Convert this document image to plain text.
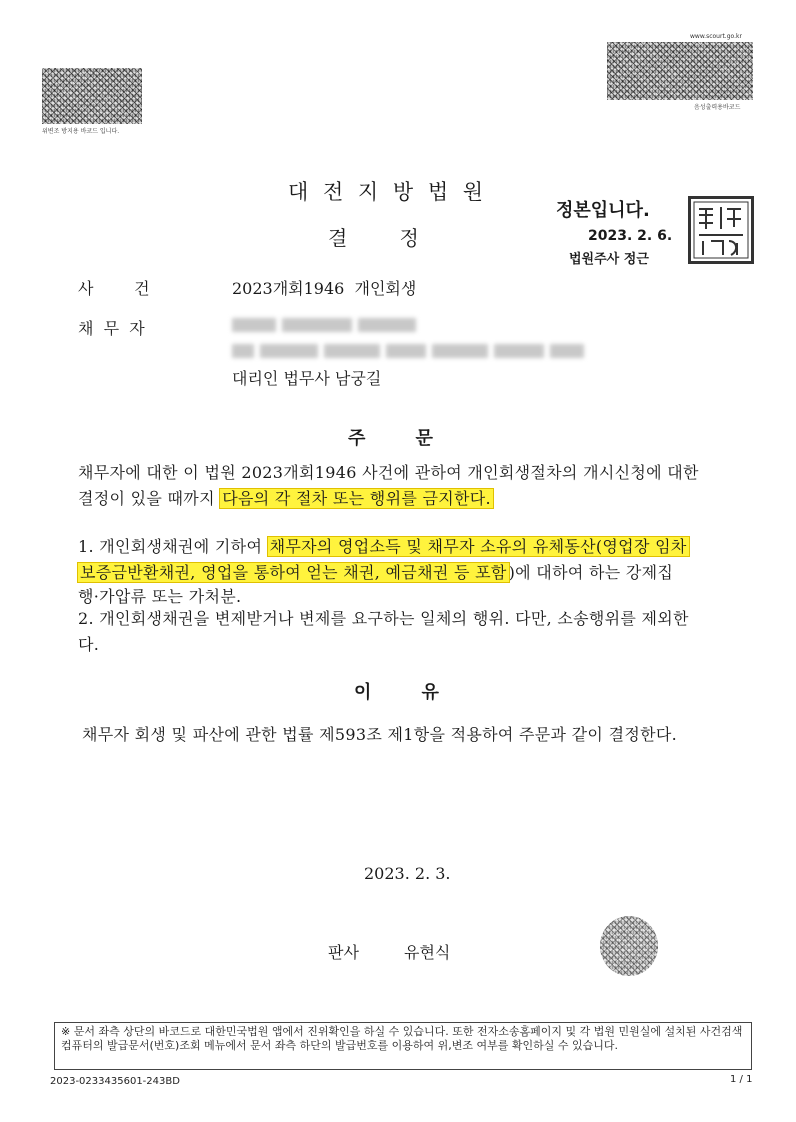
위변조 방지용 바코드 입니다.
www.scourt.go.kr
음성출력용바코드
대 전 지 방 법 원
결      정
정본입니다.
2023. 2. 6.
법원주사 정근
사        건	2023개회1946  개인회생
채  무  자
대리인 법무사 남궁길
주        문
채무자에 대한 이 법원 2023개회1946 사건에 관하여 개인회생절차의 개시신청에 대한
결정이 있을 때까지 다음의 각 절차 또는 행위를 금지한다.
1. 개인회생채권에 기하여 채무자의 영업소득 및 채무자 소유의 유체동산(영업장 임차
보증금반환채권, 영업을 통하여 얻는 채권, 예금채권 등 포함 )에 대하여 하는 강제집
행·가압류 또는 가처분.
2. 개인회생채권을 변제받거나 변제를 요구하는 일체의 행위. 다만, 소송행위를 제외한
다.
이        유
채무자 회생 및 파산에 관한 법률 제593조 제1항을 적용하여 주문과 같이 결정한다.
2023. 2. 3.
판사	유현식
※ 문서 좌측 상단의 바코드로 대한민국법원 앱에서 진위확인을 하실 수 있습니다. 또한 전자소송홈페이지 및 각 법원 민원실에 설치된 사건검색 컴퓨터의 발급문서(번호)조회 메뉴에서 문서 좌측 하단의 발급번호를 이용하여 위,변조 여부를 확인하실 수 있습니다.
2023-0233435601-243BD	1 / 1
